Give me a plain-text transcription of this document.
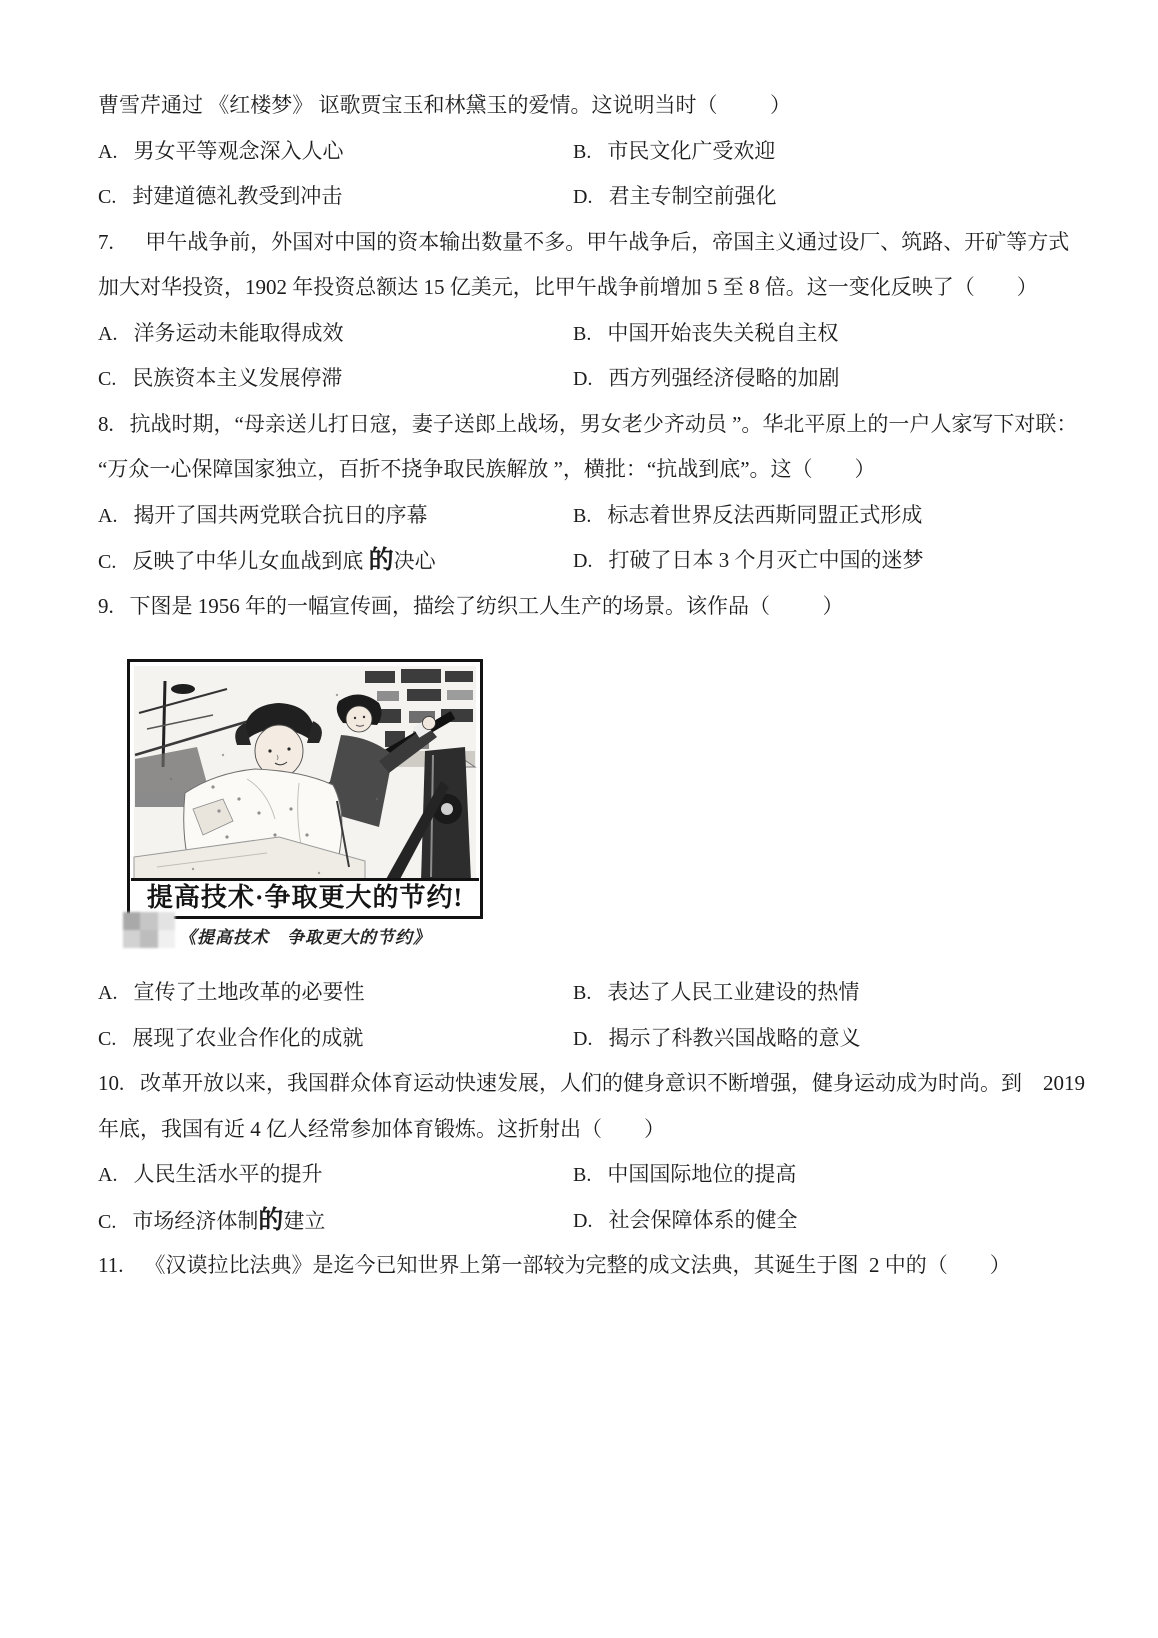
曹雪芹通过 《红楼梦》 讴歌贾宝玉和林黛玉的爱情。这说明当时（          ）
A. 男女平等观念深入人心	B. 市民文化广受欢迎
C. 封建道德礼教受到冲击	D. 君主专制空前强化
7.      甲午战争前，外国对中国的资本输出数量不多。甲午战争后，帝国主义通过设厂、筑路、开矿等方式
加大对华投资，1902 年投资总额达 15 亿美元，比甲午战争前增加 5 至 8 倍。这一变化反映了（        ）
A. 洋务运动未能取得成效	B. 中国开始丧失关税自主权
C. 民族资本主义发展停滞	D. 西方列强经济侵略的加剧
8.   抗战时期，“母亲送儿打日寇，妻子送郎上战场，男女老少齐动员 ”。华北平原上的一户人家写下对联：
“万众一心保障国家独立，百折不挠争取民族解放 ”，横批：“抗战到底”。这（        ）
A. 揭开了国共两党联合抗日的序幕	B. 标志着世界反法西斯同盟正式形成
C. 反映了中华儿女血战到底 的决心	D. 打破了日本 3 个月灭亡中国的迷梦
9.   下图是 1956 年的一幅宣传画，描绘了纺织工人生产的场景。该作品（          ）
提高技术·争取更大的节约!
《提高技术　争取更大的节约》
A. 宣传了土地改革的必要性	B. 表达了人民工业建设的热情
C. 展现了农业合作化的成就	D. 揭示了科教兴国战略的意义
10.   改革开放以来，我国群众体育运动快速发展，人们的健身意识不断增强，健身运动成为时尚。到    2019
年底，我国有近 4 亿人经常参加体育锻炼。这折射出（        ）
A. 人民生活水平的提升	B. 中国国际地位的提高
C. 市场经济体制的建立	D. 社会保障体系的健全
11.    《汉谟拉比法典》是迄今已知世界上第一部较为完整的成文法典，其诞生于图  2 中的（        ）
